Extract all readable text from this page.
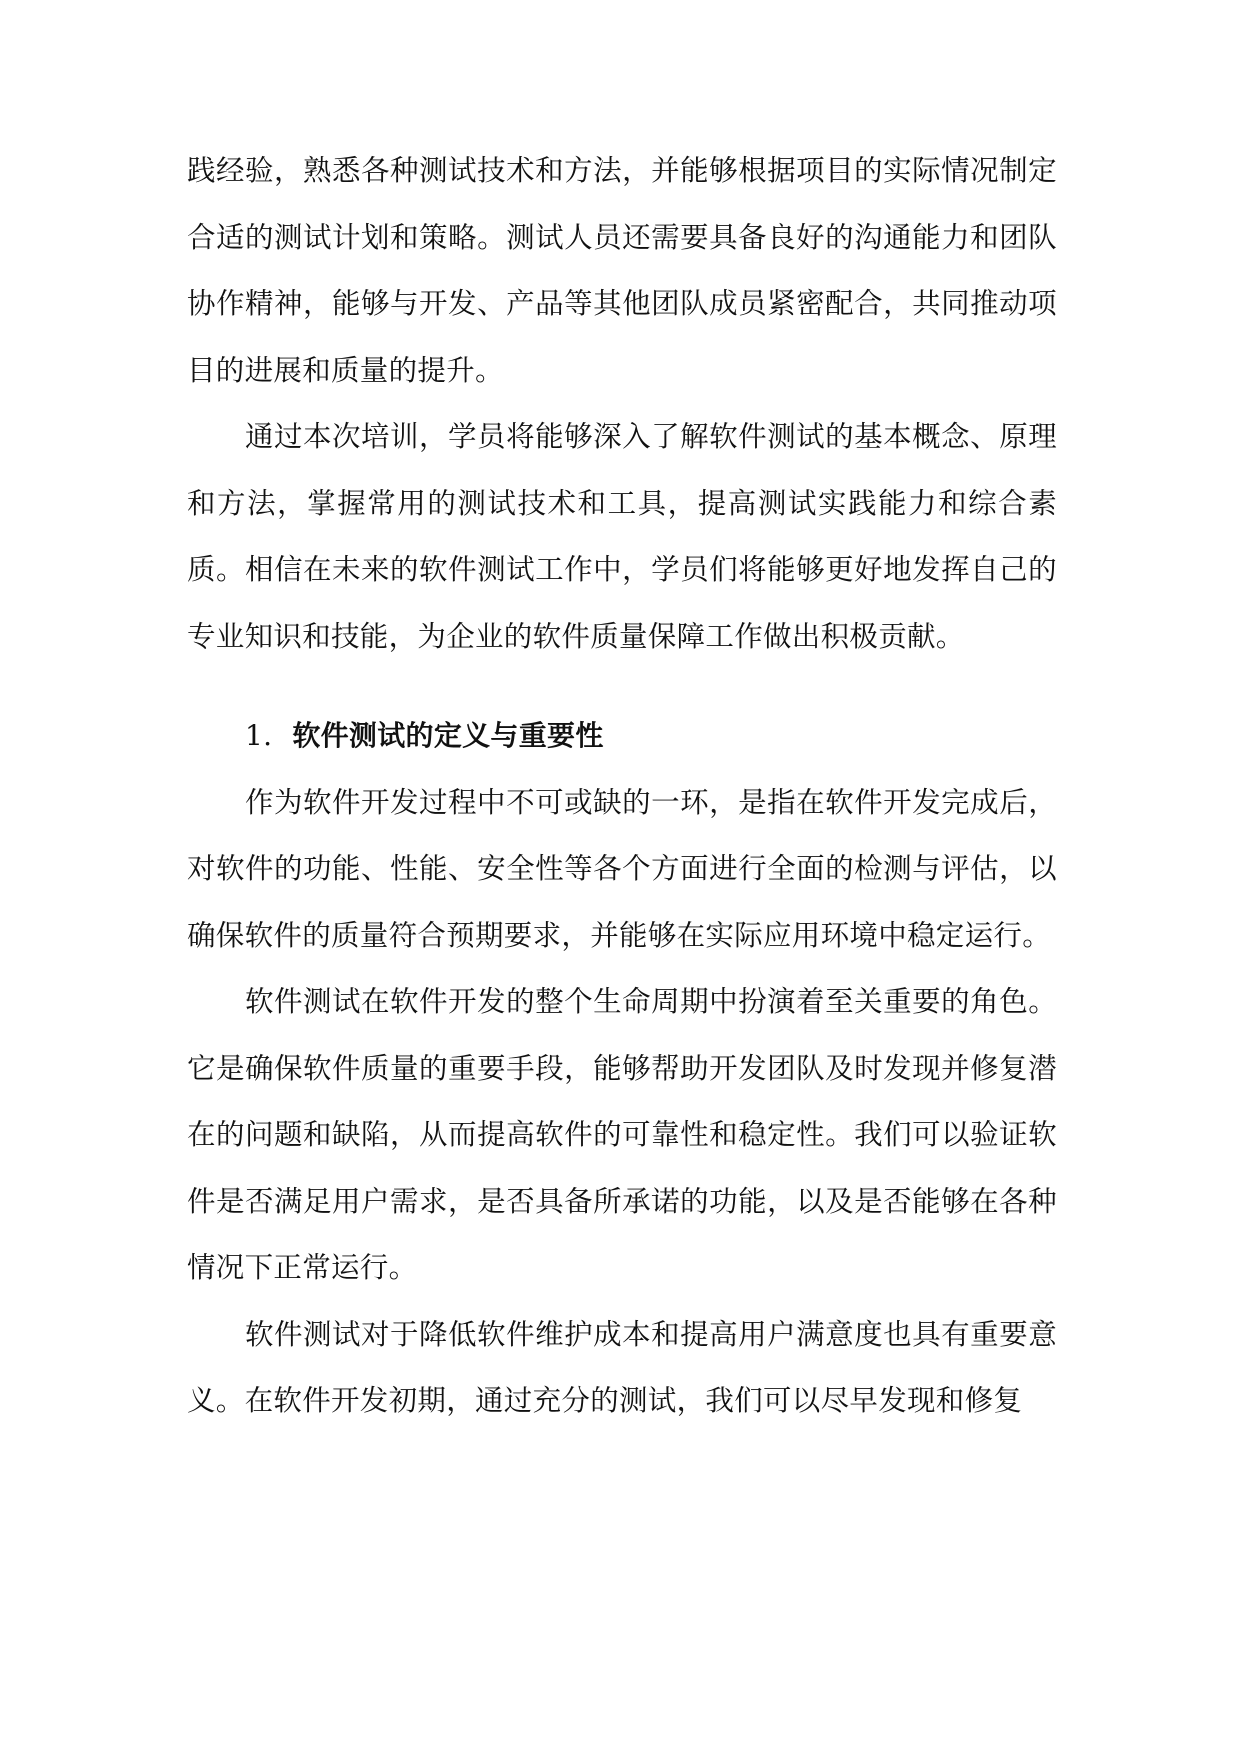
践经验，熟悉各种测试技术和方法，并能够根据项目的实际情况制定合适的测试计划和策略。测试人员还需要具备良好的沟通能力和团队协作精神，能够与开发、产品等其他团队成员紧密配合，共同推动项目的进展和质量的提升。

通过本次培训，学员将能够深入了解软件测试的基本概念、原理和方法，掌握常用的测试技术和工具，提高测试实践能力和综合素质。相信在未来的软件测试工作中，学员们将能够更好地发挥自己的专业知识和技能，为企业的软件质量保障工作做出积极贡献。

1. 软件测试的定义与重要性

作为软件开发过程中不可或缺的一环，是指在软件开发完成后，对软件的功能、性能、安全性等各个方面进行全面的检测与评估，以确保软件的质量符合预期要求，并能够在实际应用环境中稳定运行。

软件测试在软件开发的整个生命周期中扮演着至关重要的角色。它是确保软件质量的重要手段，能够帮助开发团队及时发现并修复潜在的问题和缺陷，从而提高软件的可靠性和稳定性。我们可以验证软件是否满足用户需求，是否具备所承诺的功能，以及是否能够在各种情况下正常运行。

软件测试对于降低软件维护成本和提高用户满意度也具有重要意义。在软件开发初期，通过充分的测试，我们可以尽早发现和修复
